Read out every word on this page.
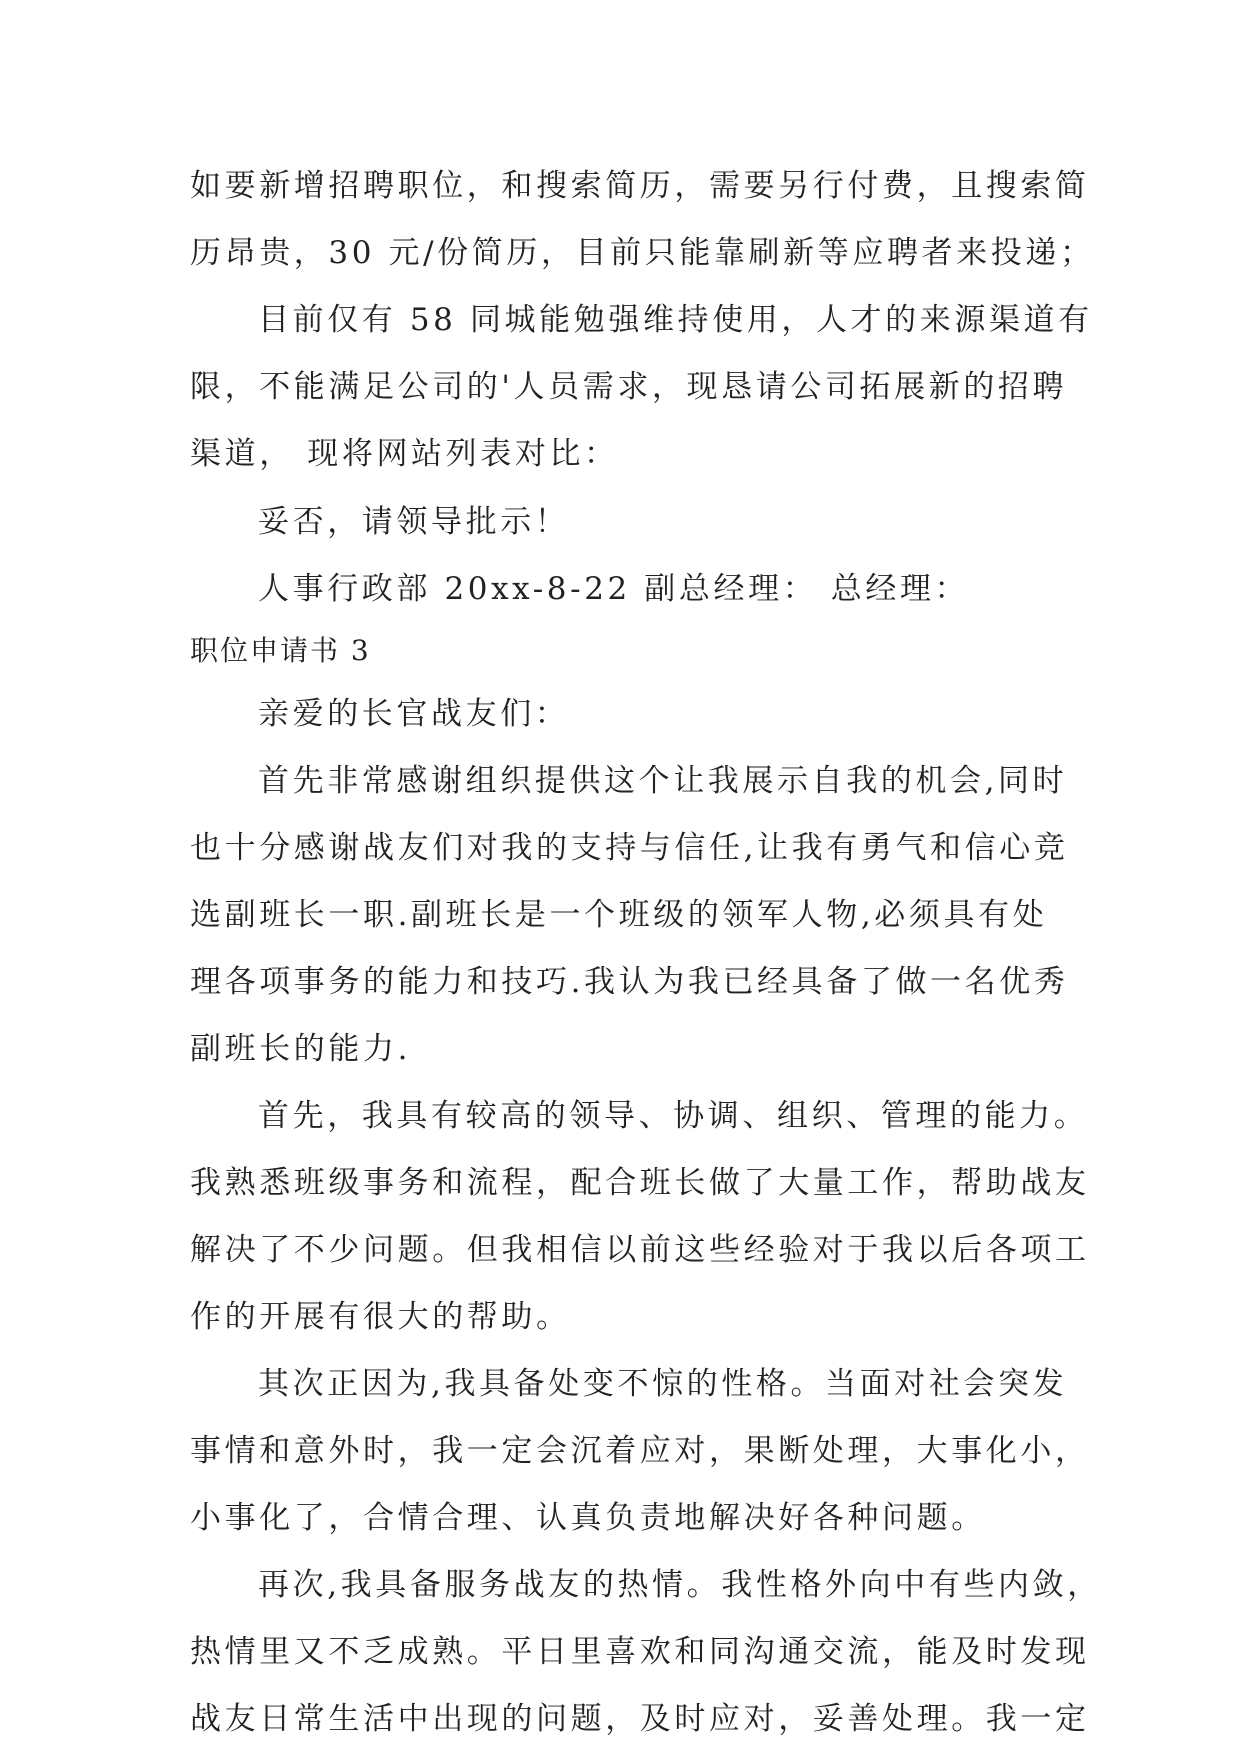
如要新增招聘职位，和搜索简历，需要另行付费，且搜索简
历昂贵，30 元/份简历，目前只能靠刷新等应聘者来投递；
目前仅有 58 同城能勉强维持使用，人才的来源渠道有
限，不能满足公司的'人员需求，现恳请公司拓展新的招聘
渠道， 现将网站列表对比：
妥否，请领导批示！
人事行政部 20xx-8-22 副总经理： 总经理：
职位申请书 3
亲爱的长官战友们：
首先非常感谢组织提供这个让我展示自我的机会,同时
也十分感谢战友们对我的支持与信任,让我有勇气和信心竞
选副班长一职.副班长是一个班级的领军人物,必须具有处
理各项事务的能力和技巧.我认为我已经具备了做一名优秀
副班长的能力.
首先，我具有较高的领导、协调、组织、管理的能力。
我熟悉班级事务和流程，配合班长做了大量工作，帮助战友
解决了不少问题。但我相信以前这些经验对于我以后各项工
作的开展有很大的帮助。
其次正因为,我具备处变不惊的性格。当面对社会突发
事情和意外时，我一定会沉着应对，果断处理，大事化小，
小事化了，合情合理、认真负责地解决好各种问题。
再次,我具备服务战友的热情。我性格外向中有些内敛，
热情里又不乏成熟。平日里喜欢和同沟通交流，能及时发现
战友日常生活中出现的问题，及时应对，妥善处理。我一定
